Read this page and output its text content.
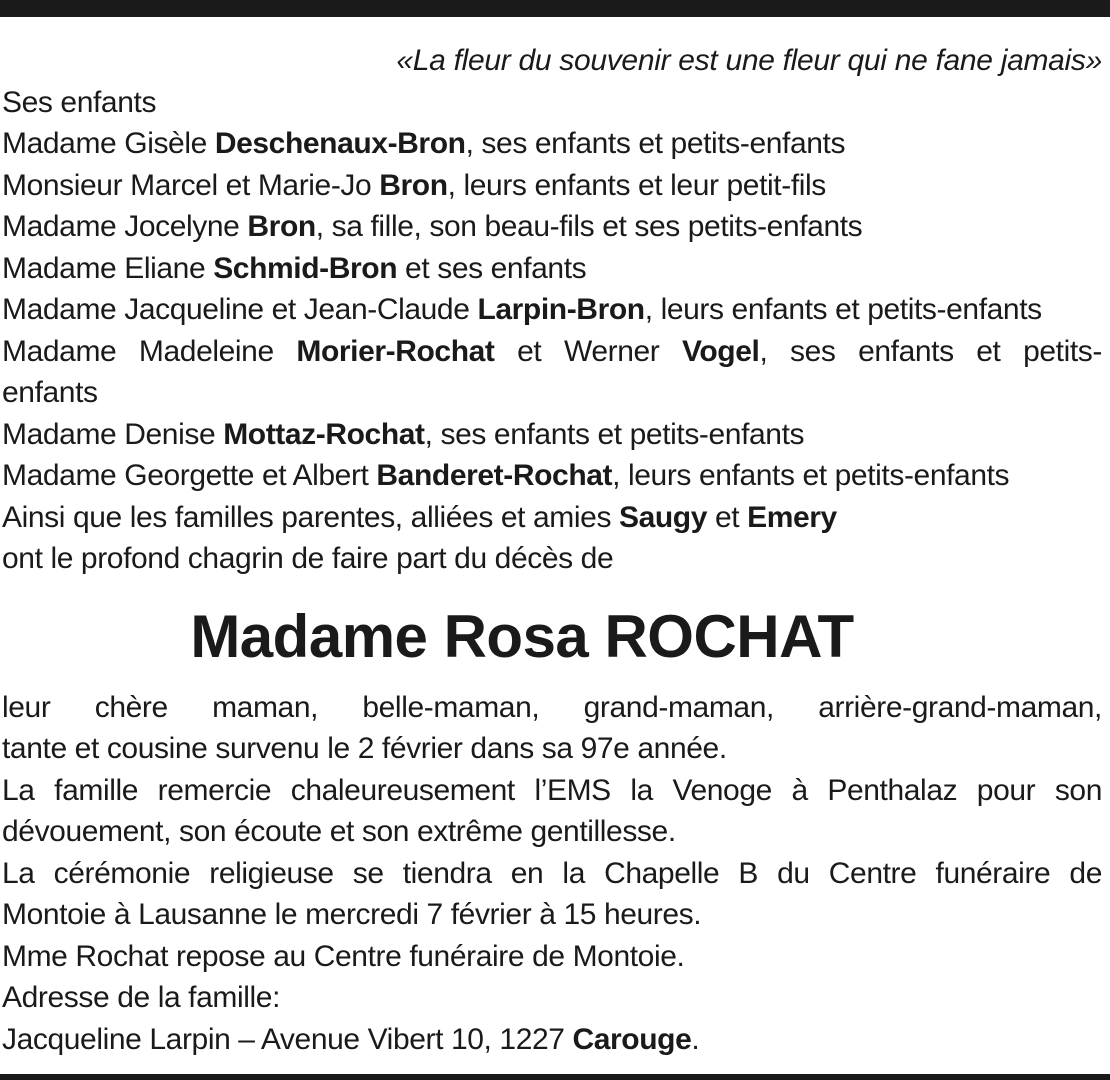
«La fleur du souvenir est une fleur qui ne fane jamais»
Ses enfants
Madame Gisèle Deschenaux-Bron, ses enfants et petits-enfants
Monsieur Marcel et Marie-Jo Bron, leurs enfants et leur petit-fils
Madame Jocelyne Bron, sa fille, son beau-fils et ses petits-enfants
Madame Eliane Schmid-Bron et ses enfants
Madame Jacqueline et Jean-Claude Larpin-Bron, leurs enfants et petits-enfants
Madame Madeleine Morier-Rochat et Werner Vogel, ses enfants et petits-
enfants
Madame Denise Mottaz-Rochat, ses enfants et petits-enfants
Madame Georgette et Albert Banderet-Rochat, leurs enfants et petits-enfants
Ainsi que les familles parentes, alliées et amies Saugy et Emery
ont le profond chagrin de faire part du décès de
Madame Rosa ROCHAT
leur chère maman, belle-maman, grand-maman, arrière-grand-maman,
tante et cousine survenu le 2 février dans sa 97e année.
La famille remercie chaleureusement l’EMS la Venoge à Penthalaz pour son
dévouement, son écoute et son extrême gentillesse.
La cérémonie religieuse se tiendra en la Chapelle B du Centre funéraire de
Montoie à Lausanne le mercredi 7 février à 15 heures.
Mme Rochat repose au Centre funéraire de Montoie.
Adresse de la famille:
Jacqueline Larpin – Avenue Vibert 10, 1227 Carouge.
